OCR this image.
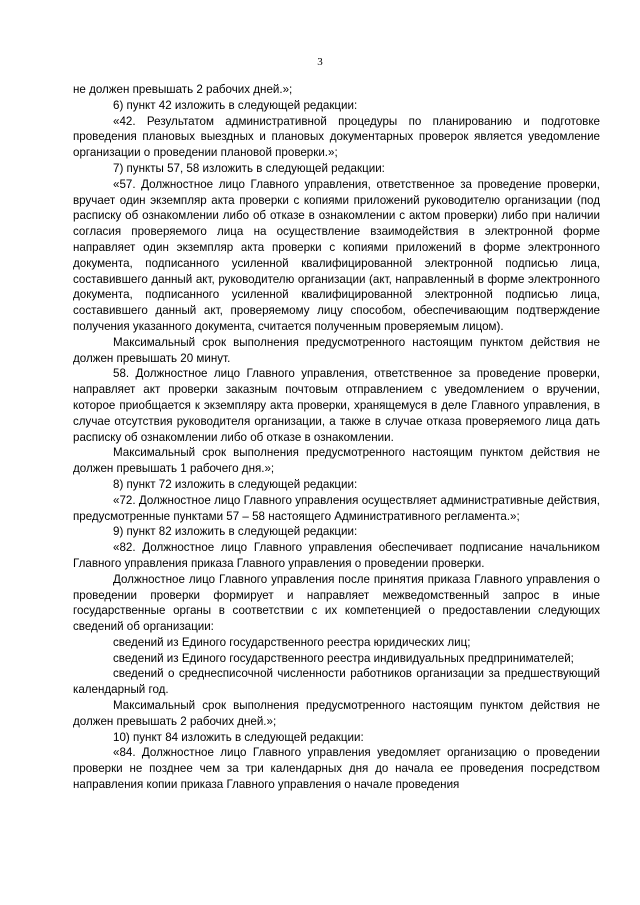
3

не должен превышать 2 рабочих дней.»;

6) пункт 42 изложить в следующей редакции:

«42. Результатом административной процедуры по планированию и подготовке проведения плановых выездных и плановых документарных проверок является уведомление организации о проведении плановой проверки.»;

7) пункты 57, 58 изложить в следующей редакции:

«57. Должностное лицо Главного управления, ответственное за проведение проверки, вручает один экземпляр акта проверки с копиями приложений руководителю организации (под расписку об ознакомлении либо об отказе в ознакомлении с актом проверки) либо при наличии согласия проверяемого лица на осуществление взаимодействия в электронной форме направляет один экземпляр акта проверки с копиями приложений в форме электронного документа, подписанного усиленной квалифицированной электронной подписью лица, составившего данный акт, руководителю организации (акт, направленный в форме электронного документа, подписанного усиленной квалифицированной электронной подписью лица, составившего данный акт, проверяемому лицу способом, обеспечивающим подтверждение получения указанного документа, считается полученным проверяемым лицом).

Максимальный срок выполнения предусмотренного настоящим пунктом действия не должен превышать 20 минут.

58. Должностное лицо Главного управления, ответственное за проведение проверки, направляет акт проверки заказным почтовым отправлением с уведомлением о вручении, которое приобщается к экземпляру акта проверки, хранящемуся в деле Главного управления, в случае отсутствия руководителя организации, а также в случае отказа проверяемого лица дать расписку об ознакомлении либо об отказе в ознакомлении.

Максимальный срок выполнения предусмотренного настоящим пунктом действия не должен превышать 1 рабочего дня.»;

8) пункт 72 изложить в следующей редакции:

«72. Должностное лицо Главного управления осуществляет административные действия, предусмотренные пунктами 57 – 58 настоящего Административного регламента.»;

9) пункт 82 изложить в следующей редакции:

«82. Должностное лицо Главного управления обеспечивает подписание начальником Главного управления приказа Главного управления о проведении проверки.

Должностное лицо Главного управления после принятия приказа Главного управления о проведении проверки формирует и направляет межведомственный запрос в иные государственные органы в соответствии с их компетенцией о предоставлении следующих сведений об организации:

сведений из Единого государственного реестра юридических лиц;

сведений из Единого государственного реестра индивидуальных предпринимателей;

сведений о среднесписочной численности работников организации за предшествующий календарный год.

Максимальный срок выполнения предусмотренного настоящим пунктом действия не должен превышать 2 рабочих дней.»;

10) пункт 84 изложить в следующей редакции:

«84. Должностное лицо Главного управления уведомляет организацию о проведении проверки не позднее чем за три календарных дня до начала ее проведения посредством направления копии приказа Главного управления о начале проведения
